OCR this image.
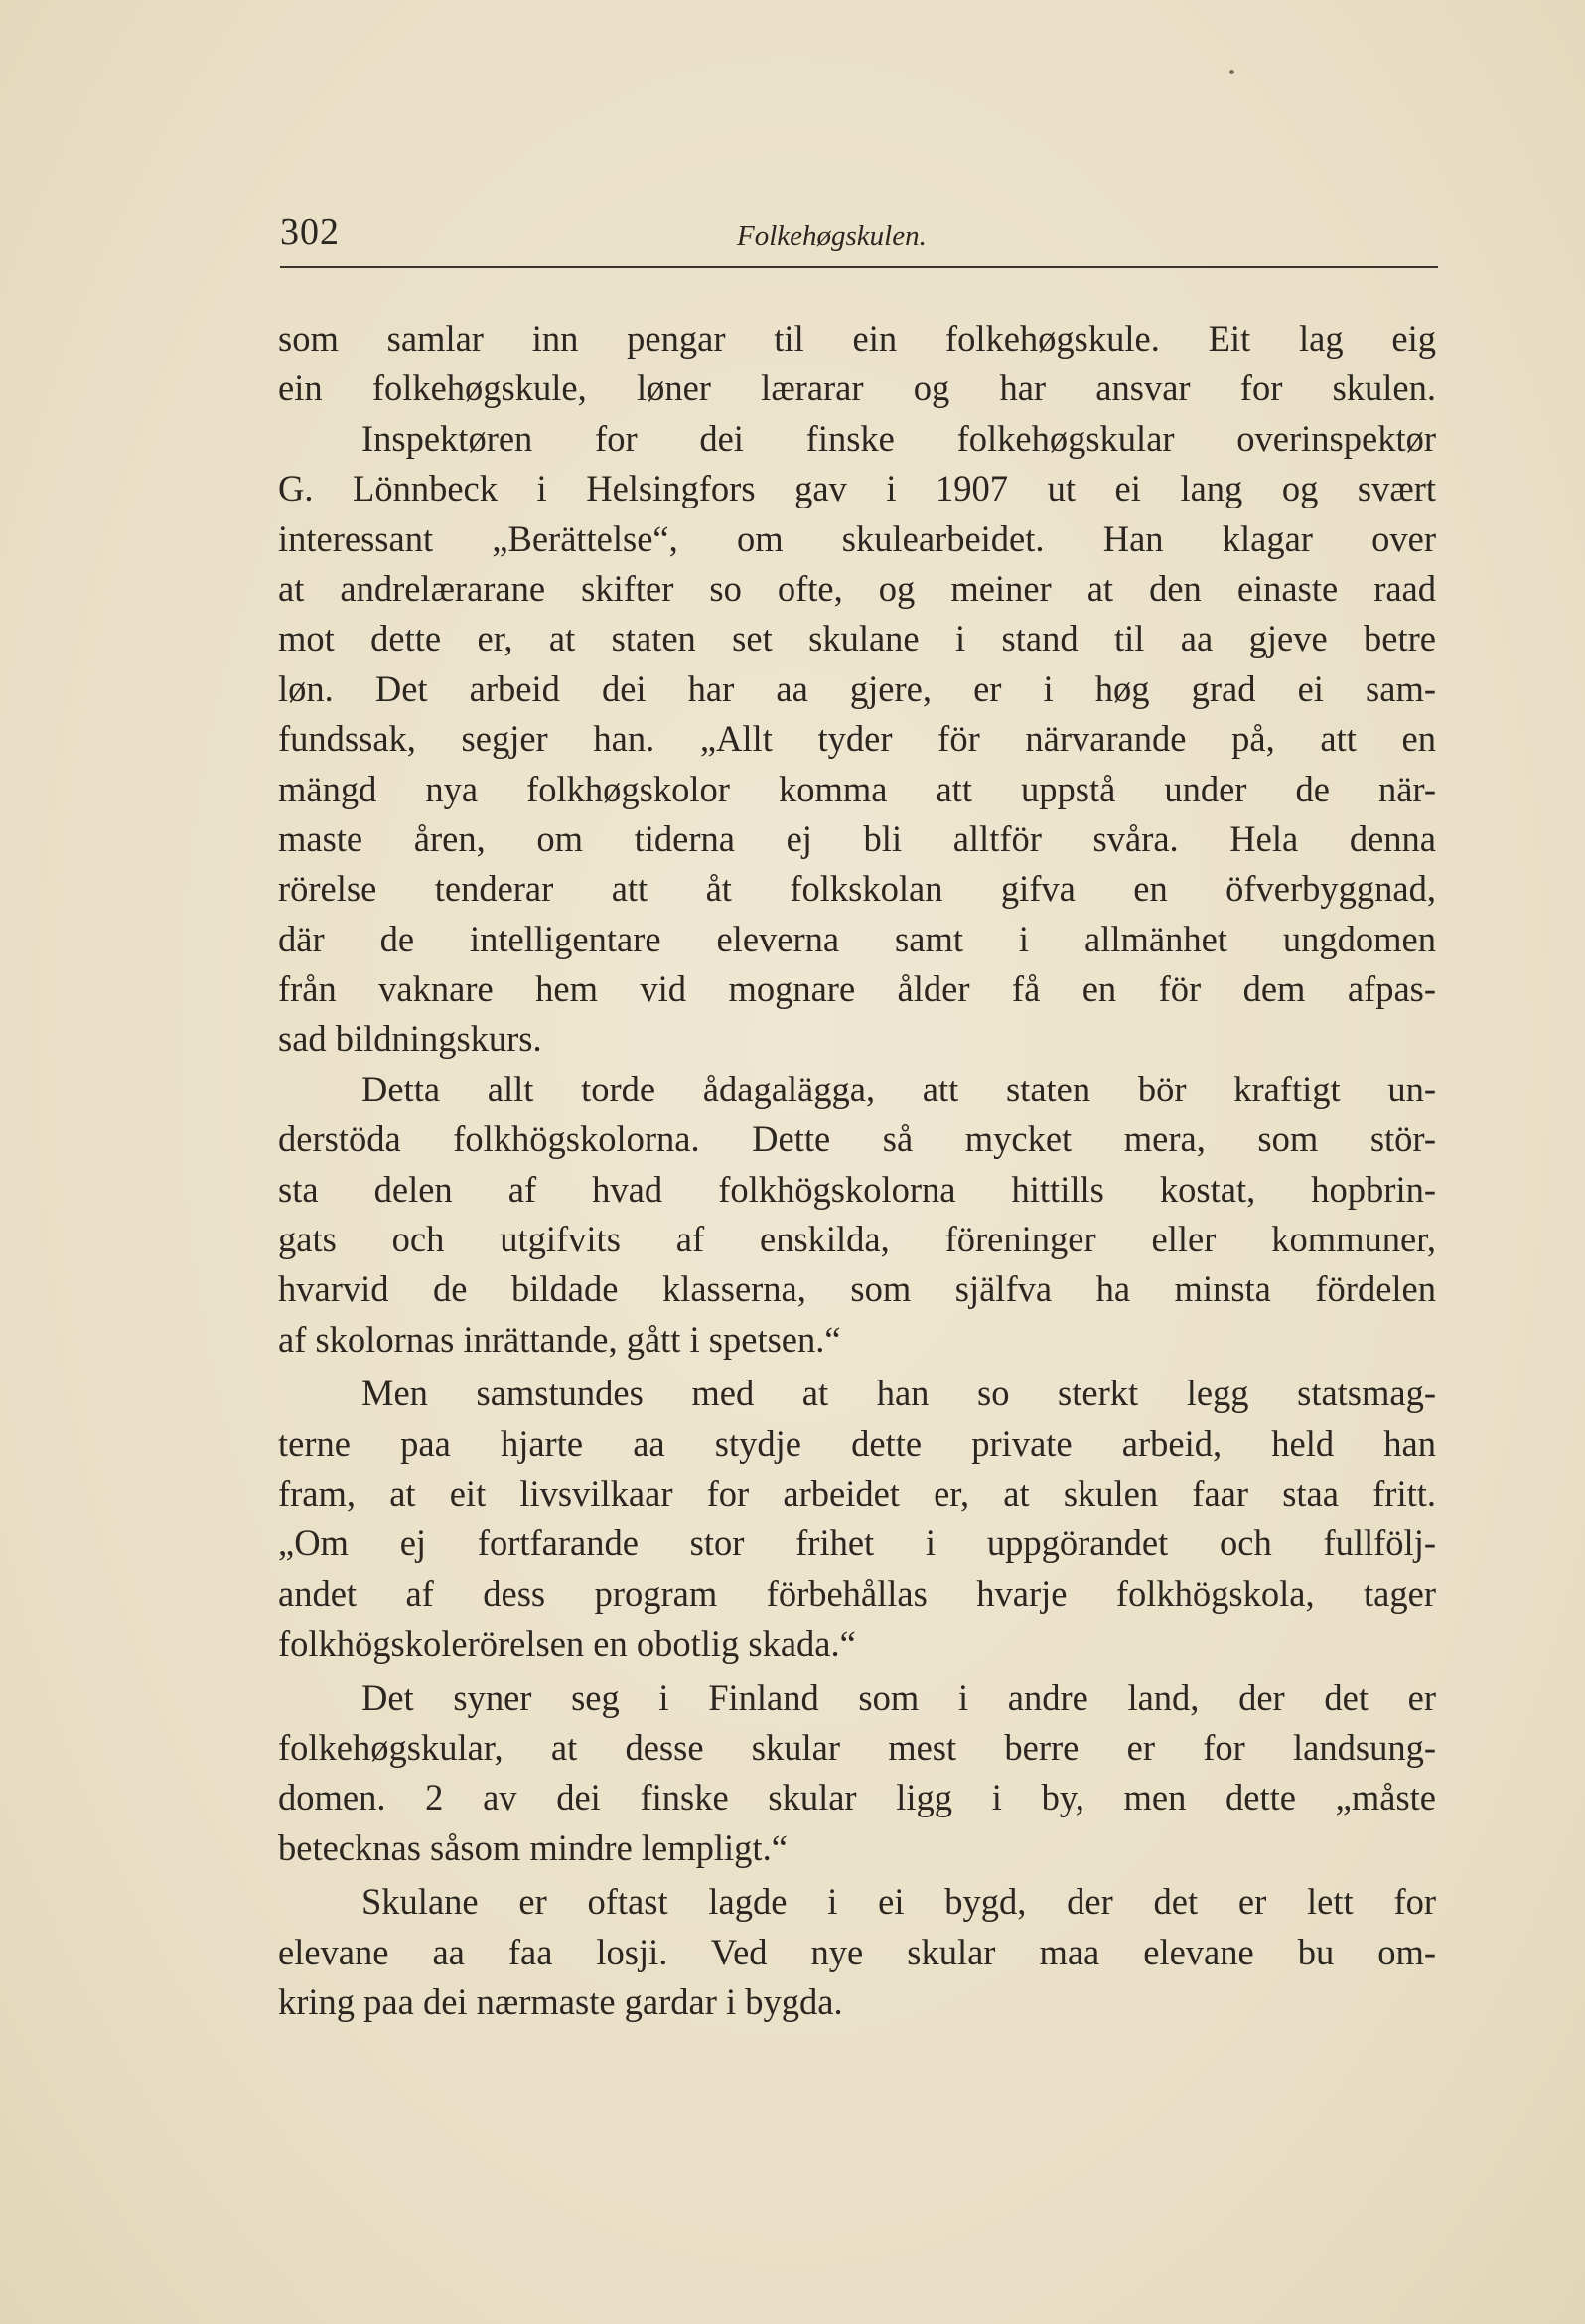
302	Folkehøgskulen.
som samlar inn pengar til ein folkehøgskule. Eit lag eig
ein folkehøgskule, løner lærarar og har ansvar for skulen.
Inspektøren for dei finske folkehøgskular overinspektør
G. Lönnbeck i Helsingfors gav i 1907 ut ei lang og svært
interessant „Berättelse“, om skulearbeidet. Han klagar over
at andrelærarane skifter so ofte, og meiner at den einaste raad
mot dette er, at staten set skulane i stand til aa gjeve betre
løn. Det arbeid dei har aa gjere, er i høg grad ei sam-
fundssak, segjer han. „Allt tyder för närvarande på, att en
mängd nya folkhøgskolor komma att uppstå under de när-
maste åren, om tiderna ej bli alltför svåra. Hela denna
rörelse tenderar att åt folkskolan gifva en öfverbyggnad,
där de intelligentare eleverna samt i allmänhet ungdomen
från vaknare hem vid mognare ålder få en för dem afpas-
sad bildningskurs.
Detta allt torde ådagalägga, att staten bör kraftigt un-
derstöda folkhögskolorna. Dette så mycket mera, som stör-
sta delen af hvad folkhögskolorna hittills kostat, hopbrin-
gats och utgifvits af enskilda, föreninger eller kommuner,
hvarvid de bildade klasserna, som själfva ha minsta fördelen
af skolornas inrättande, gått i spetsen.“
Men samstundes med at han so sterkt legg statsmag-
terne paa hjarte aa stydje dette private arbeid, held han
fram, at eit livsvilkaar for arbeidet er, at skulen faar staa fritt.
„Om ej fortfarande stor frihet i uppgörandet och fullfölj-
andet af dess program förbehållas hvarje folkhögskola, tager
folkhögskolerörelsen en obotlig skada.“
Det syner seg i Finland som i andre land, der det er
folkehøgskular, at desse skular mest berre er for landsung-
domen. 2 av dei finske skular ligg i by, men dette „måste
betecknas såsom mindre lempligt.“
Skulane er oftast lagde i ei bygd, der det er lett for
elevane aa faa losji. Ved nye skular maa elevane bu om-
kring paa dei nærmaste gardar i bygda.
